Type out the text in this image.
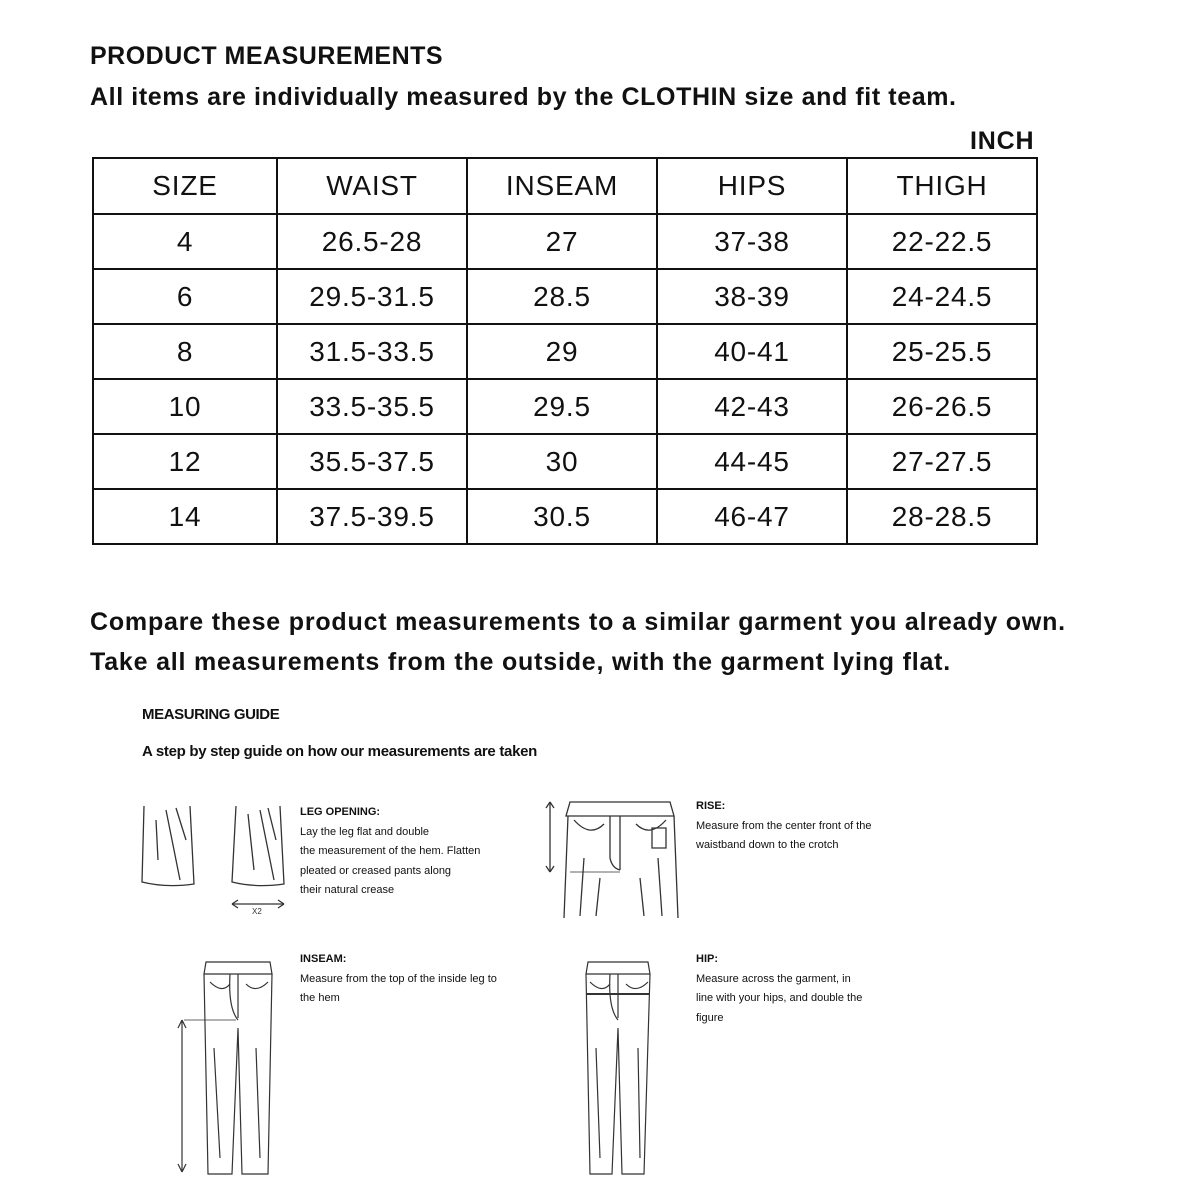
PRODUCT MEASUREMENTS
All items are individually measured by the CLOTHIN size and fit team.
INCH
SIZE	WAIST	INSEAM	HIPS	THIGH
4	26.5-28	27	37-38	22-22.5
6	29.5-31.5	28.5	38-39	24-24.5
8	31.5-33.5	29	40-41	25-25.5
10	33.5-35.5	29.5	42-43	26-26.5
12	35.5-37.5	30	44-45	27-27.5
14	37.5-39.5	30.5	46-47	28-28.5
Compare these product measurements to a similar garment you already own.
Take all measurements from the outside, with the garment lying flat.
MEASURING GUIDE
A step by step guide on how our measurements are taken
X2
LEG OPENING:
Lay the leg flat and double
the measurement of the hem. Flatten
pleated or creased pants along
their natural crease
RISE:
Measure from the center front of the
waistband down to the crotch
INSEAM:
Measure from the top of the inside leg to
the hem
HIP:
Measure across the garment, in
line with your hips, and double the
figure
